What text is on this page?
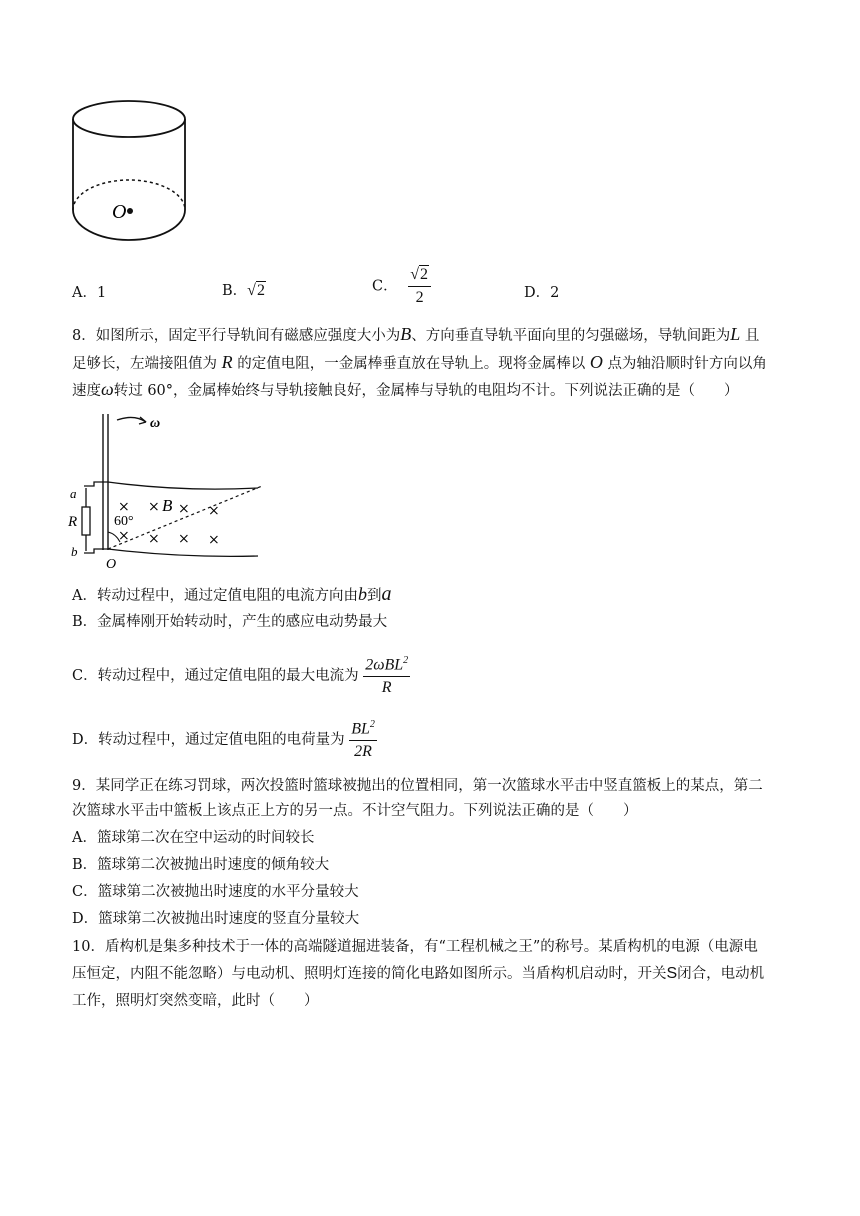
O
A．1	B．√2	C． $\frac{√2}{2}$	D．2
8．如图所示，固定平行导轨间有磁感应强度大小为B、方向垂直导轨平面向里的匀强磁场，导轨间距为L 且
足够长，左端接阻值为 R 的定值电阻，一金属棒垂直放在导轨上。现将金属棒以 O 点为轴沿顺时针方向以角
速度ω转过 60°，金属棒始终与导轨接触良好，金属棒与导轨的电阻均不计。下列说法正确的是（　　）
ω
a
R
b
O
60°
B
× × × ×
× × × ×
A．转动过程中，通过定值电阻的电流方向由b到a
B．金属棒刚开始转动时，产生的感应电动势最大
C．转动过程中，通过定值电阻的最大电流为 $\frac{2\omega BL^2}{R}$
D．转动过程中，通过定值电阻的电荷量为 $\frac{BL^2}{2R}$
9．某同学正在练习罚球，两次投篮时篮球被抛出的位置相同，第一次篮球水平击中竖直篮板上的某点，第二
次篮球水平击中篮板上该点正上方的另一点。不计空气阻力。下列说法正确的是（　　）
A．篮球第二次在空中运动的时间较长
B．篮球第二次被抛出时速度的倾角较大
C．篮球第二次被抛出时速度的水平分量较大
D．篮球第二次被抛出时速度的竖直分量较大
10．盾构机是集多种技术于一体的高端隧道掘进装备，有“工程机械之王”的称号。某盾构机的电源（电源电
压恒定，内阻不能忽略）与电动机、照明灯连接的简化电路如图所示。当盾构机启动时，开关S闭合，电动机
工作，照明灯突然变暗，此时（　　）
